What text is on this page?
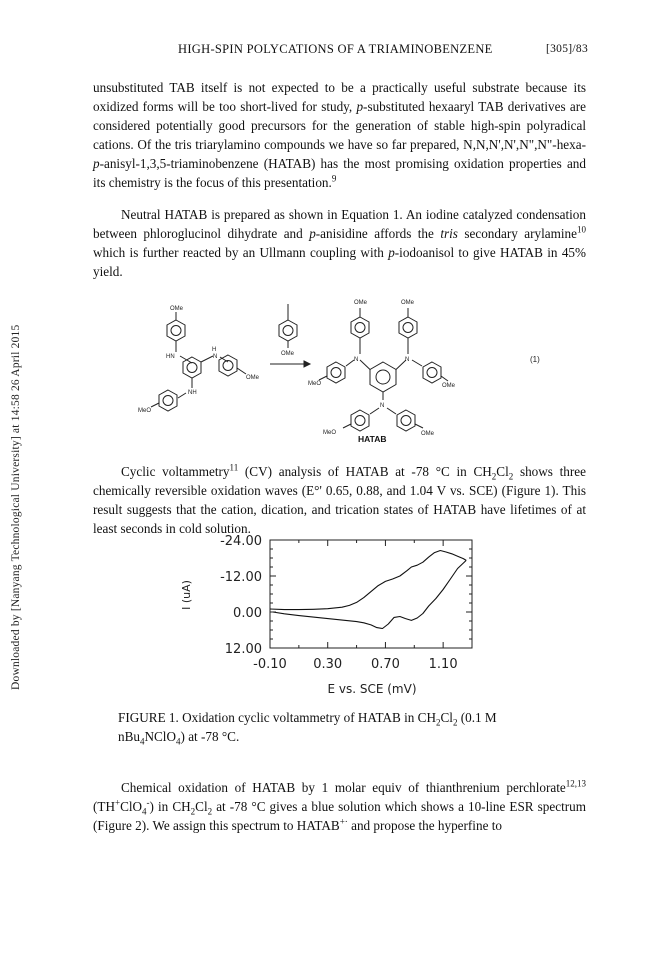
Downloaded by [Nanyang Technological University] at 14:58 26 April 2015
HIGH-SPIN POLYCATIONS OF A TRIAMINOBENZENE	[305]/83

unsubstituted TAB itself is not expected to be a practically useful substrate because its oxidized forms will be too short-lived for study, p-substituted hexaaryl TAB derivatives are considered potentially good precursors for the generation of stable high-spin polyradical cations. Of the tris triarylamino compounds we have so far prepared, N,N,N',N',N",N"-hexa-p-anisyl-1,3,5-triaminobenzene (HATAB) has the most promising oxidation properties and its chemistry is the focus of this presentation.$^9$

Neutral HATAB is prepared as shown in Equation 1. An iodine catalyzed condensation between phloroglucinol dihydrate and p-anisidine affords the tris secondary arylamine$^{10}$ which is further reacted by an Ullmann coupling with p-iodoanisol to give HATAB in 45% yield.

OMe
HN
H
N
OMe
NH
MeO
OMe
N
OMe
MeO
N
OMe
OMe
N
MeO	OMe
HATAB
(1)

Cyclic voltammetry$^{11}$ (CV) analysis of HATAB at -78 °C in $CH_2Cl_2$ shows three chemically reversible oxidation waves (E°' 0.65, 0.88, and 1.04 V vs. SCE) (Figure 1). This result suggests that the cation, dication, and trication states of HATAB have lifetimes of at least seconds in cold solution.

-24.00
-12.00
0.00
12.00
-0.10 0.30 0.70 1.10
I (uA)
E vs. SCE (mV)
FIGURE 1. Oxidation cyclic voltammetry of HATAB in $CH_2Cl_2$ (0.1 M
nBu$_4$NClO$_4$) at -78 °C.

Chemical oxidation of HATAB by 1 molar equiv of thianthrenium perchlorate$^{12,13}$ (TH+ClO$_4$-) in $CH_2Cl_2$ at -78 °C gives a blue solution which shows a 10-line ESR spectrum (Figure 2). We assign this spectrum to HATAB+· and propose the hyperfine to
